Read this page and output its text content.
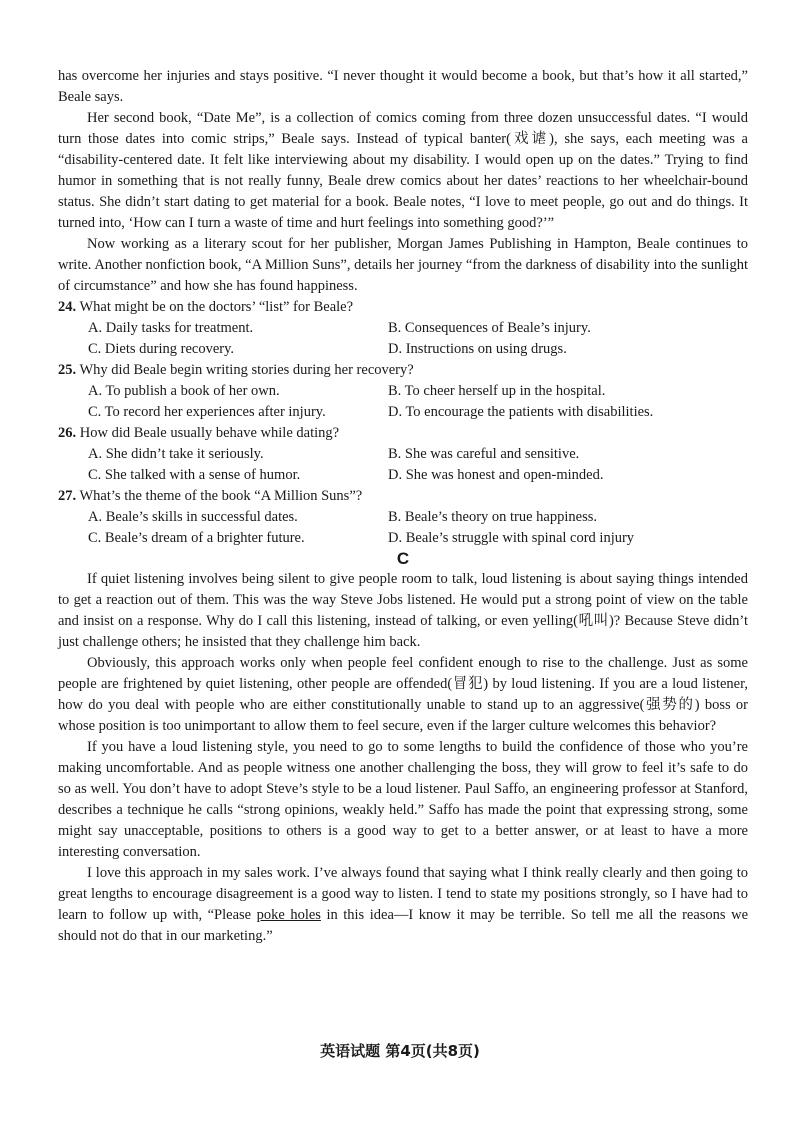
has overcome her injuries and stays positive. “I never thought it would become a book, but that’s how it all started,” Beale says.

Her second book, “Date Me”, is a collection of comics coming from three dozen unsuccessful dates. “I would turn those dates into comic strips,” Beale says. Instead of typical banter(戏谑), she says, each meeting was a “disability-centered date. It felt like interviewing about my disability. I would open up on the dates.” Trying to find humor in something that is not really funny, Beale drew comics about her dates’ reactions to her wheelchair-bound status. She didn’t start dating to get material for a book. Beale notes, “I love to meet people, go out and do things. It turned into, ‘How can I turn a waste of time and hurt feelings into something good?’”

Now working as a literary scout for her publisher, Morgan James Publishing in Hampton, Beale continues to write. Another nonfiction book, “A Million Suns”, details her journey “from the darkness of disability into the sunlight of circumstance” and how she has found happiness.

24. What might be on the doctors’ “list” for Beale?

A. Daily tasks for treatment.	B. Consequences of Beale’s injury.
C. Diets during recovery.	D. Instructions on using drugs.

25. Why did Beale begin writing stories during her recovery?

A. To publish a book of her own.	B. To cheer herself up in the hospital.
C. To record her experiences after injury.	D. To encourage the patients with disabilities.

26. How did Beale usually behave while dating?

A. She didn’t take it seriously.	B. She was careful and sensitive.
C. She talked with a sense of humor.	D. She was honest and open-minded.

27. What’s the theme of the book “A Million Suns”?

A. Beale’s skills in successful dates.	B. Beale’s theory on true happiness.
C. Beale’s dream of a brighter future.	D. Beale’s struggle with spinal cord injury

C

If quiet listening involves being silent to give people room to talk, loud listening is about saying things intended to get a reaction out of them. This was the way Steve Jobs listened. He would put a strong point of view on the table and insist on a response. Why do I call this listening, instead of talking, or even yelling(吼叫)? Because Steve didn’t just challenge others; he insisted that they challenge him back.

Obviously, this approach works only when people feel confident enough to rise to the challenge. Just as some people are frightened by quiet listening, other people are offended(冒犯) by loud listening. If you are a loud listener, how do you deal with people who are either constitutionally unable to stand up to an aggressive(强势的) boss or whose position is too unimportant to allow them to feel secure, even if the larger culture welcomes this behavior?

If you have a loud listening style, you need to go to some lengths to build the confidence of those who you’re making uncomfortable. And as people witness one another challenging the boss, they will grow to feel it’s safe to do so as well. You don’t have to adopt Steve’s style to be a loud listener. Paul Saffo, an engineering professor at Stanford, describes a technique he calls “strong opinions, weakly held.” Saffo has made the point that expressing strong, some might say unacceptable, positions to others is a good way to get to a better answer, or at least to have a more interesting conversation.

I love this approach in my sales work. I’ve always found that saying what I think really clearly and then going to great lengths to encourage disagreement is a good way to listen. I tend to state my positions strongly, so I have had to learn to follow up with, “Please poke holes in this idea—I know it may be terrible. So tell me all the reasons we should not do that in our marketing.”

英语试题 第4页(共8页)
